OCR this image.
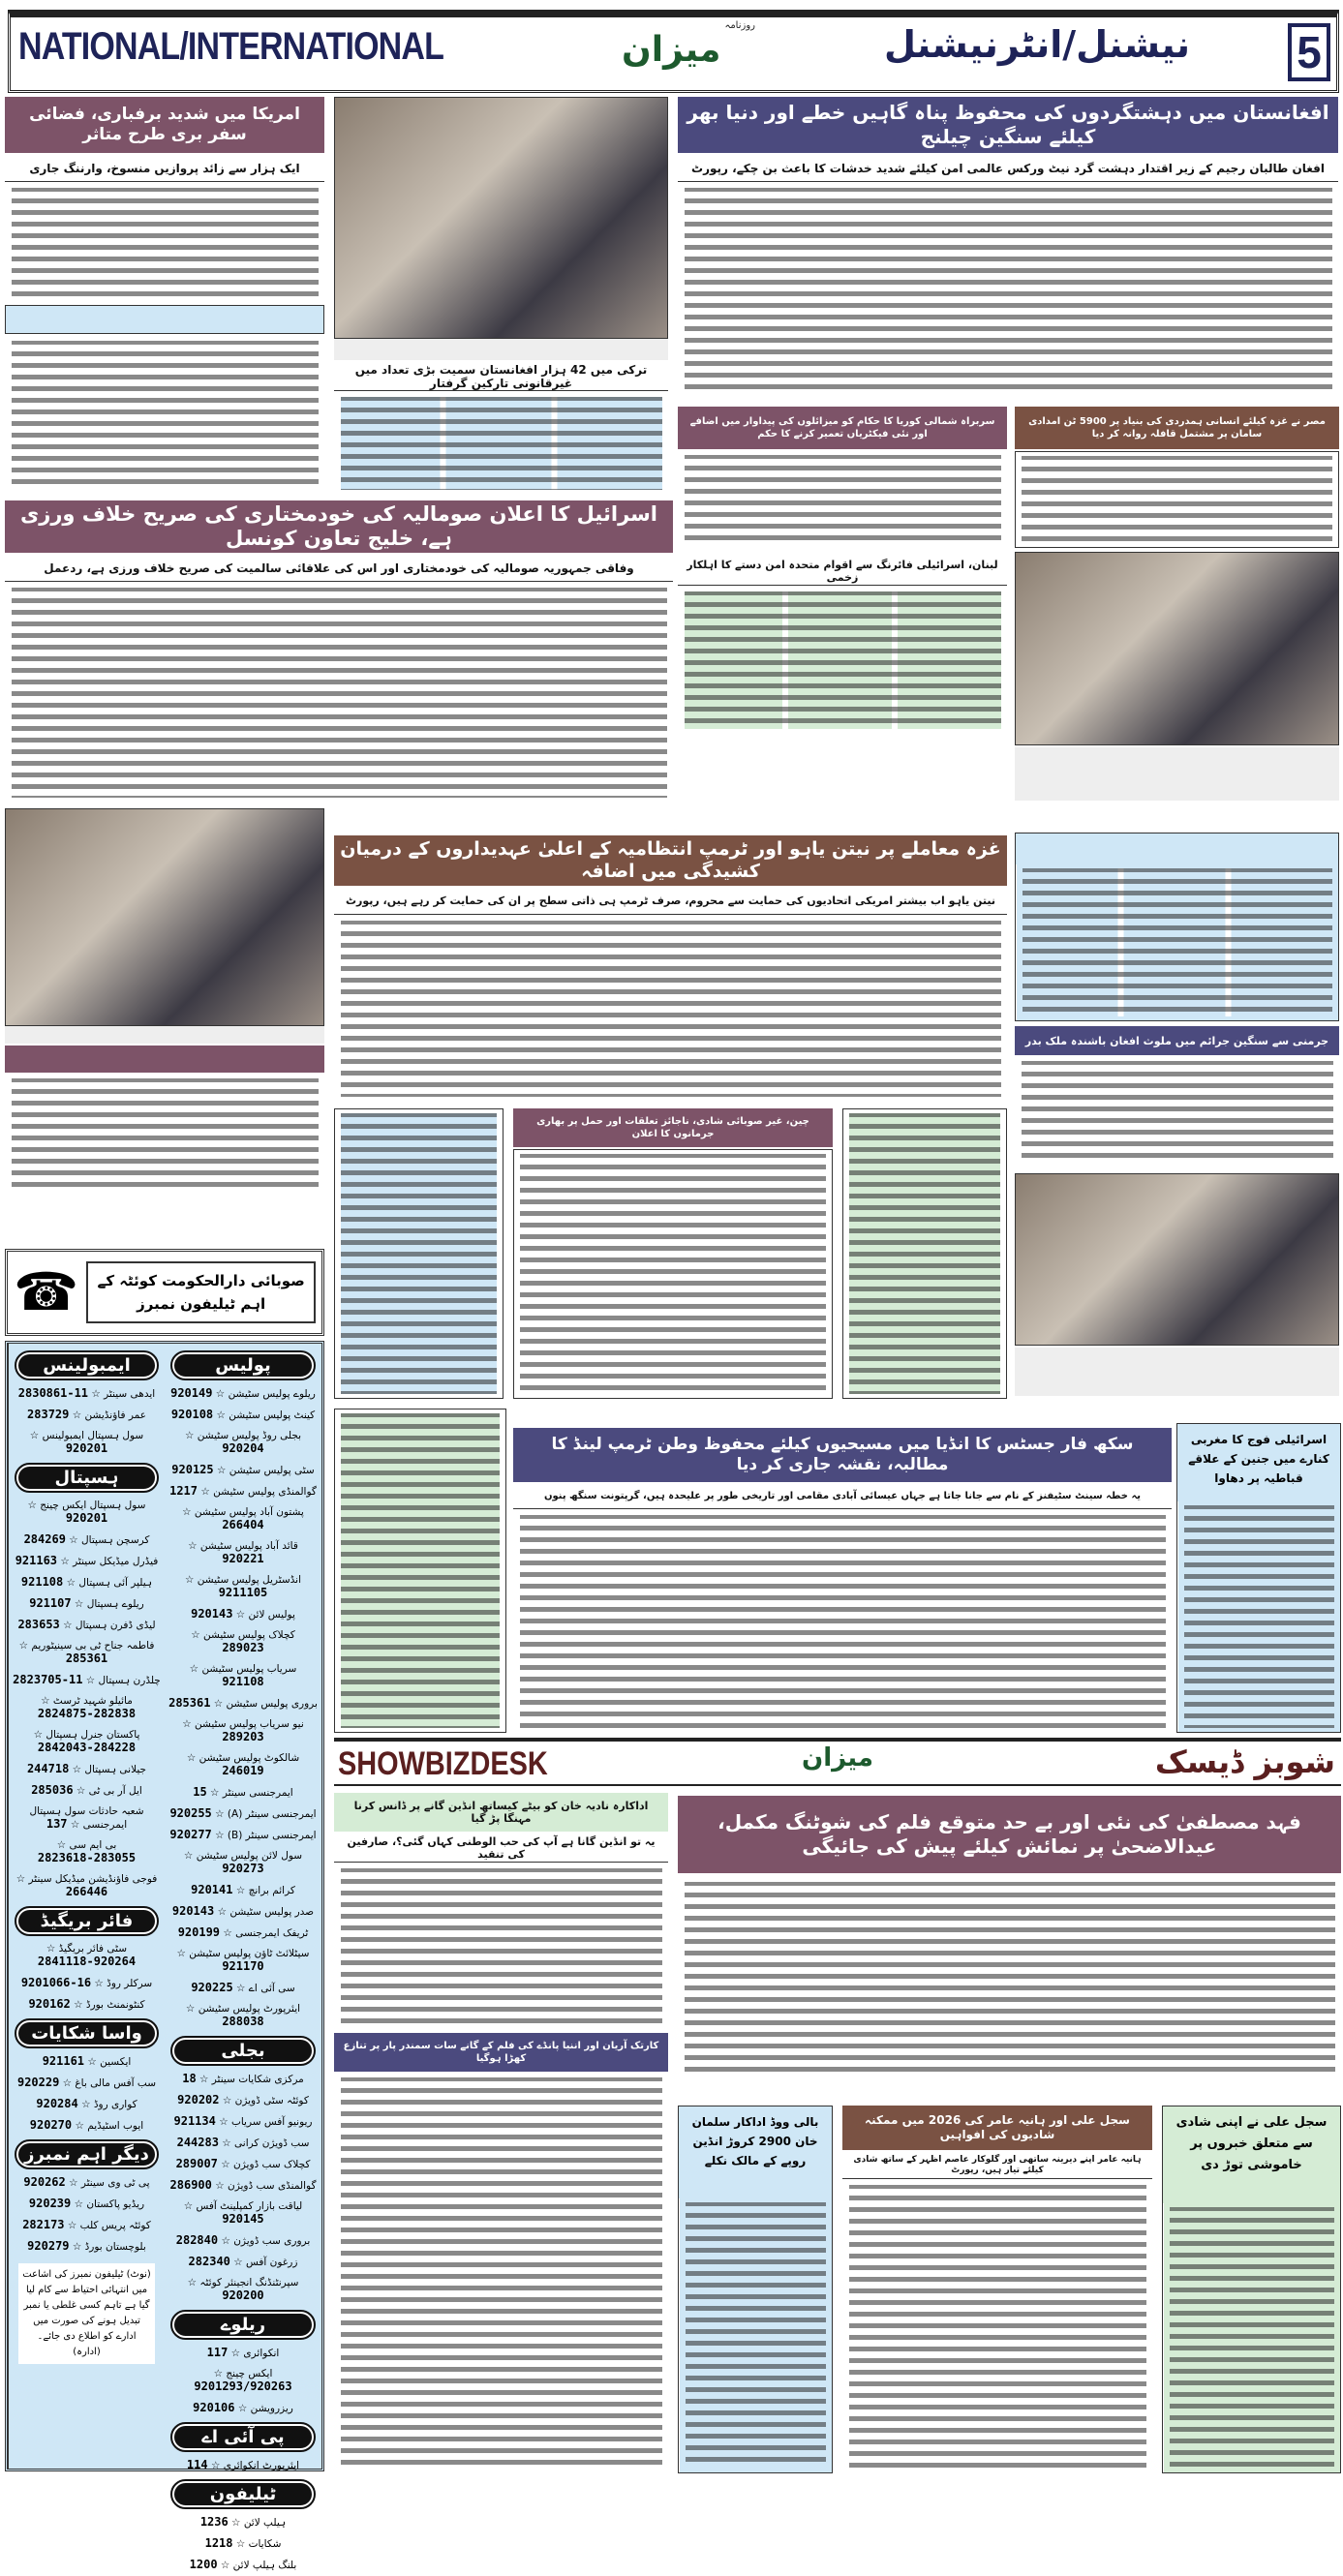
NATIONAL/INTERNATIONAL	روزنامہ
میزان	نیشنل/انٹرنیشنل	5
امریکا میں شدید برفباری، فضائی سفر بری طرح متاثر
ایک ہزار سے زائد پروازیں منسوخ، وارننگ جاری
ترکی میں 42 ہزار افغانستان سمیت بڑی تعداد میں غیرقانونی تارکین گرفتار
افغانستان میں دہشتگردوں کی محفوظ پناہ گاہیں خطے اور دنیا بھر کیلئے سنگین چیلنج
افغان طالبان رجیم کے زیر اقتدار دہشت گرد نیٹ ورکس عالمی امن کیلئے شدید خدشات کا باعث بن چکے، رپورٹ
سربراہ شمالی کوریا کا حکام کو میزائلوں کی پیداوار میں اضافے اور نئی فیکٹریاں تعمیر کرنے کا حکم
مصر نے غزہ کیلئے انسانی ہمدردی کی بنیاد پر 5900 ٹن امدادی سامان پر مشتمل قافلہ روانہ کر دیا
اسرائیل کا اعلان صومالیہ کی خودمختاری کی صریح خلاف ورزی ہے، خلیج تعاون کونسل
وفاقی جمہوریہ صومالیہ کی خودمختاری اور اس کی علاقائی سالمیت کی صریح خلاف ورزی ہے، ردعمل	لبنان، اسرائیلی فائرنگ سے اقوام متحدہ امن دستے کا اہلکار زخمی
غزہ معاملے پر نیتن یاہو اور ٹرمپ انتظامیہ کے اعلیٰ عہدیداروں کے درمیان کشیدگی میں اضافہ
نیتن یاہو اب بیشتر امریکی اتحادیوں کی حمایت سے محروم، صرف ٹرمپ ہی ذاتی سطح پر ان کی حمایت کر رہے ہیں، رپورٹ
جرمنی سے سنگین جرائم میں ملوث افغان باشندہ ملک بدر
چین، غیر صوبائی شادی، ناجائز تعلقات اور حمل پر بھاری جرمانوں کا اعلان
سکھ فار جسٹس کا انڈیا میں مسیحیوں کیلئے محفوظ وطن ٹرمپ لینڈ کا مطالبہ، نقشہ جاری کر دیا
یہ خطہ سینٹ سٹیفنز کے نام سے جانا جاتا ہے جہاں عیسائی آبادی مقامی اور تاریخی طور پر علیحدہ ہیں، گرپتونت سنگھ پنوں
اسرائیلی فوج کا مغربی کنارے میں جنین کے علاقے قباطیہ پر دھاوا
SHOWBIZDESK	میزان	شوبز ڈیسک
اداکارہ نادیہ خان کو بیٹے کیساتھ انڈین گانے پر ڈانس کرنا مہنگا پڑ گیا
یہ تو انڈین گانا ہے آپ کی حب الوطنی کہاں گئی؟، صارفین کی تنقید
فہد مصطفیٰ کی نئی اور بے حد متوقع فلم کی شوٹنگ مکمل، عیدالاضحیٰ پر نمائش کیلئے پیش کی جائیگی
کارتک آریان اور اننیا پانڈے کی فلم کے گانے سات سمندر پار پر تنازع کھڑا ہوگیا
بالی ووڈ اداکار سلمان خان 2900 کروڑ انڈین روپے کے مالک نکلے
سجل علی اور ہانیہ عامر کی 2026 میں ممکنہ شادیوں کی افواہیں
ہانیہ عامر اپنے دیرینہ ساتھی اور گلوکار عاصم اظہر کے ساتھ شادی کیلئے تیار ہیں، رپورٹ
سجل علی نے اپنی شادی سے متعلق خبروں پر خاموشی توڑ دی
☎	صوبائی دارالحکومت کوئٹہ کے اہم ٹیلیفون نمبرز
پولیس
ریلوے پولیس سٹیشن ☆ 920149
کینٹ پولیس سٹیشن ☆ 920108
بجلی روڈ پولیس سٹیشن ☆ 920204
سٹی پولیس سٹیشن ☆ 920125
گوالمنڈی پولیس سٹیشن ☆ 1217
پشتون آباد پولیس سٹیشن ☆ 266404
قائد آباد پولیس سٹیشن ☆ 920221
انڈسٹریل پولیس سٹیشن ☆ 9211105
پولیس لائن ☆ 920143
کچلاک پولیس سٹیشن ☆ 289023
سریاب پولیس سٹیشن ☆ 921108
بروری پولیس سٹیشن ☆ 285361
نیو سریاب پولیس سٹیشن ☆ 289203
شالکوٹ پولیس سٹیشن ☆ 246019
ایمرجنسی سینٹر ☆ 15
ایمرجنسی سینٹر (A) ☆ 920255
ایمرجنسی سینٹر (B) ☆ 920277
سول لائن پولیس سٹیشن ☆ 920273
کرائم برانچ ☆ 920141
صدر پولیس سٹیشن ☆ 920143
ٹریفک ایمرجنسی ☆ 920199
سیٹلائٹ ٹاؤن پولیس سٹیشن ☆ 921170
سی آئی اے ☆ 920225
ایئرپورٹ پولیس سٹیشن ☆ 288038
بجلی
مرکزی شکایات سینٹر ☆ 18
کوئٹہ سٹی ڈویژن ☆ 920202
ریونیو آفس سریاب ☆ 921134
سب ڈویژن کرانی ☆ 244283
کچلاک سب ڈویژن ☆ 289007
گوالمنڈی سب ڈویژن ☆ 286900
لیاقت بازار کمپلینٹ آفس ☆ 920145
بروری سب ڈویژن ☆ 282840
زرغون آفس ☆ 282340
سپرنٹنڈنگ انجینئر کوئٹہ ☆ 920200
ریلوے
انکوائری ☆ 117
ایکس چینج ☆ 9201293/920263
ریزرویشن ☆ 920106
پی آئی اے
ایئرپورٹ انکوائری ☆ 114
ٹیلیفون
ہیلپ لائن ☆ 1236
شکایات ☆ 1218
بلنگ ہیلپ لائن ☆ 1200
ایمبولینس
ایدھی سینٹر ☆ 2830861-11
عمر فاؤنڈیشن ☆ 283729
سول ہسپتال ایمبولینس ☆ 920201
ہسپتال
سول ہسپتال ایکس چینج ☆ 920201
کرسچن ہسپتال ☆ 284269
فیڈرل میڈیکل سینٹر ☆ 921163
ہیلپر آئی ہسپتال ☆ 921108
ریلوے ہسپتال ☆ 921107
لیڈی ڈفرن ہسپتال ☆ 283653
فاطمہ جناح ٹی بی سینیٹوریم ☆ 285361
چلڈرن ہسپتال ☆ 2823705-11
مائیلو شہید ٹرسٹ ☆ 2824875-282838
پاکستان جنرل ہسپتال ☆ 2842043-284228
جیلانی ہسپتال ☆ 244718
ایل آر بی ٹی ☆ 285036
شعبہ حادثات سول ہسپتال ایمرجنسی ☆ 137
بی ایم سی ☆ 2823618-283055
فوجی فاؤنڈیشن میڈیکل سینٹر ☆ 266446
فائر بریگیڈ
سٹی فائر بریگیڈ ☆ 2841118-920264
سرکلر روڈ ☆ 9201066-16
کنٹونمنٹ بورڈ ☆ 920162
واسا شکایات
ایکسین ☆ 921161
سب آفس مالی باغ ☆ 920229
کواری روڈ ☆ 920284
ایوب اسٹیڈیم ☆ 920270
دیگر اہم نمبرز
پی ٹی وی سینٹر ☆ 920262
ریڈیو پاکستان ☆ 920239
کوئٹہ پریس کلب ☆ 282173
بلوچستان بورڈ ☆ 920279
(نوٹ) ٹیلیفون نمبرز کی اشاعت میں انتہائی احتیاط سے کام لیا گیا ہے تاہم کسی غلطی یا نمبر تبدیل ہونے کی صورت میں ادارے کو اطلاع دی جائے۔ (ادارہ)
